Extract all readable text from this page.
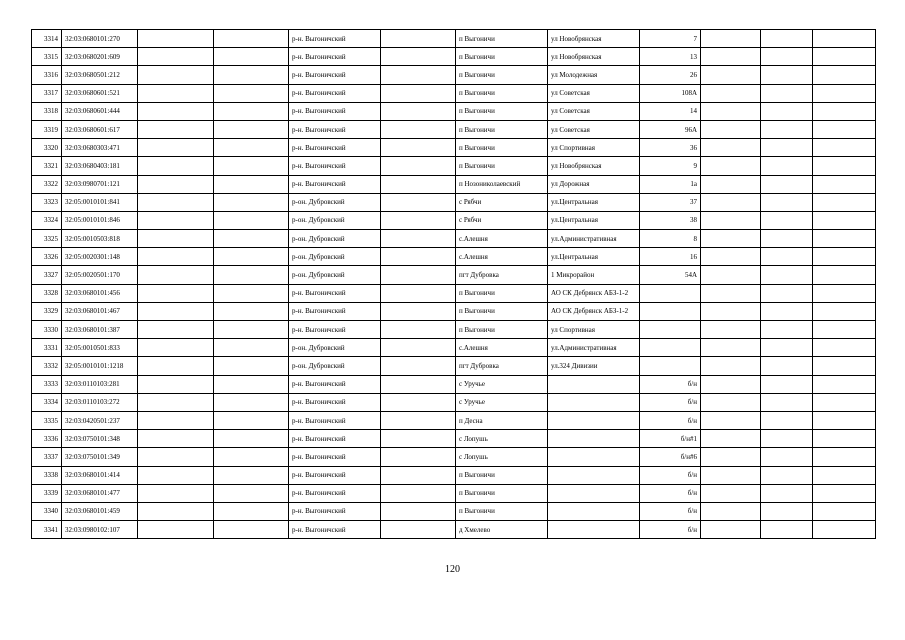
3314	32:03:0680101:270			р-н. Выгоничский		п Выгоничи	ул Новобрянская	7			
3315	32:03:0680201:609			р-н. Выгоничский		п Выгоничи	ул Новобрянская	13			
3316	32:03:0680501:212			р-н. Выгоничский		п Выгоничи	ул Молодежная	26			
3317	32:03:0680601:521			р-н. Выгоничский		п Выгоничи	ул Советская	108А			
3318	32:03:0680601:444			р-н. Выгоничский		п Выгоничи	ул Советская	14			
3319	32:03:0680601:617			р-н. Выгоничский		п Выгоничи	ул Советская	96А			
3320	32:03:0680303:471			р-н. Выгоничский		п Выгоничи	ул Спортивная	36			
3321	32:03:0680403:181			р-н. Выгоничский		п Выгоничи	ул Новобрянская	9			
3322	32:03:0980701:121			р-н. Выгоничский		п Нозониколаевский	ул Дорожная	1а			
3323	32:05:0010101:841			р-он. Дубровский		с Рябчи	ул.Центральная	37			
3324	32:05:0010101:846			р-он. Дубровский		с Рябчи	ул.Центральная	38			
3325	32:05:0010503:818			р-он. Дубровский		с.Алешня	ул.Административная	8			
3326	32:05:0020301:148			р-он. Дубровский		с.Алешня	ул.Центральная	16			
3327	32:05:0020501:170			р-он. Дубровский		пгт Дубровка	1 Микрорайон	54А			
3328	32:03:0680101:456			р-н. Выгоничский		п Выгоничи	АО СК Дебрянск АБЗ-1-2				
3329	32:03:0680101:467			р-н. Выгоничский		п Выгоничи	АО СК Дебрянск АБЗ-1-2				
3330	32:03:0680101:387			р-н. Выгоничский		п Выгоничи	ул Спортивная				
3331	32:05:0010501:833			р-он. Дубровский		с.Алешня	ул.Административная				
3332	32:05:0010101:1218			р-он. Дубровский		пгт Дубровка	ул.324 Дивизии				
3333	32:03:0110103:281			р-н. Выгоничский		с Уручье		б/н			
3334	32:03:0110103:272			р-н. Выгоничский		с Уручье		б/н			
3335	32:03:0420501:237			р-н. Выгоничский		п Десна		б/н			
3336	32:03:0750101:348			р-н. Выгоничский		с Лопушь		б/н#1			
3337	32:03:0750101:349			р-н. Выгоничский		с Лопушь		б/н#6			
3338	32:03:0680101:414			р-н. Выгоничский		п Выгоничи		б/н			
3339	32:03:0680101:477			р-н. Выгоничский		п Выгоничи		б/н			
3340	32:03:0680101:459			р-н. Выгоничский		п Выгоничи		б/н			
3341	32:03:0980102:107			р-н. Выгоничский		д Хмелево		б/н			
120
